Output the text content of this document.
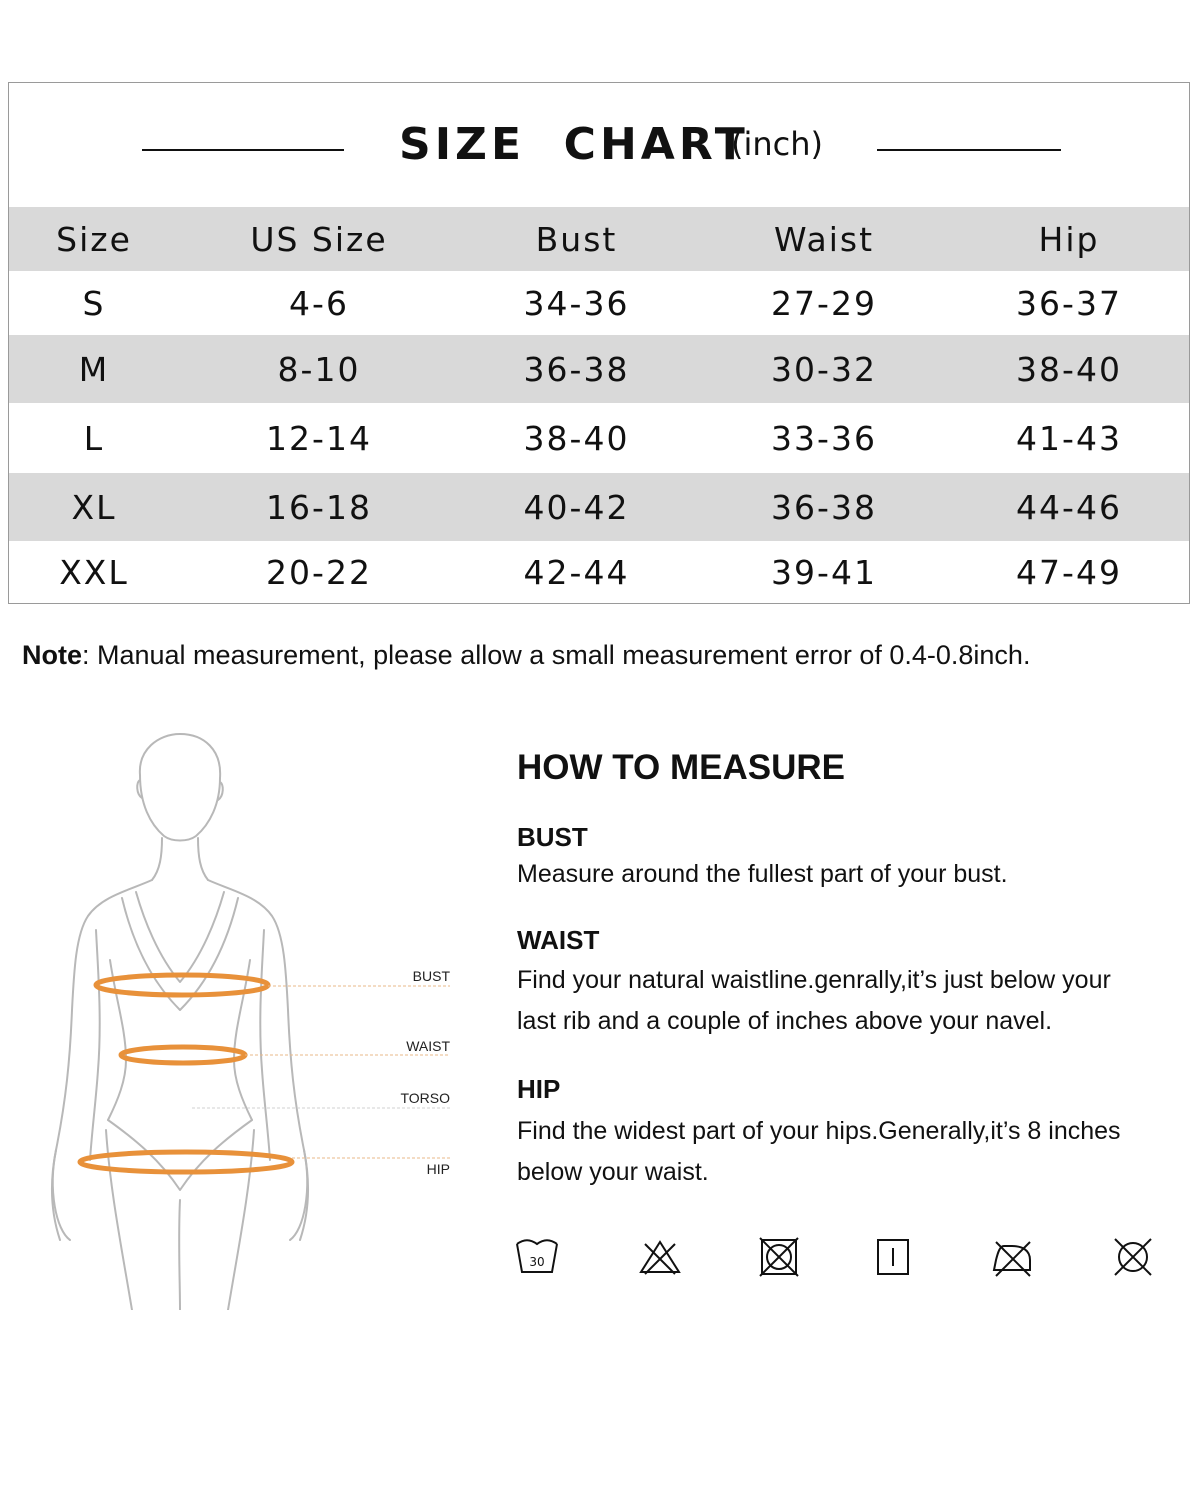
SIZE  CHART
(inch)
Size	US Size	Bust	Waist	Hip
S	4-6	34-36	27-29	36-37
M	8-10	36-38	30-32	38-40
L	12-14	38-40	33-36	41-43
XL	16-18	40-42	36-38	44-46
XXL	20-22	42-44	39-41	47-49
Note: Manual measurement, please allow a small measurement error of 0.4-0.8inch.
BUST
WAIST
TORSO
HIP
HOW TO MEASURE
BUST
Measure around the fullest part of your bust.
WAIST
Find your natural waistline.genrally,it’s just below your
last rib and a couple of inches above your navel.
HIP
Find the widest part of your hips.Generally,it’s 8 inches
below your waist.
30
